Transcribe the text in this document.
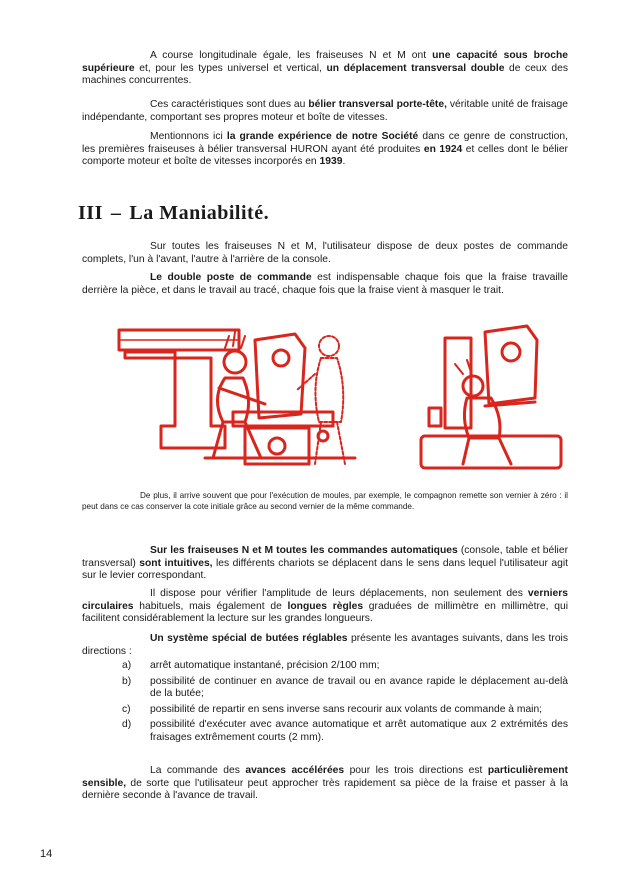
A course longitudinale égale, les fraiseuses N et M ont une capacité sous broche supérieure et, pour les types universel et vertical, un déplacement transversal double de ceux des machines concurrentes.

Ces caractéristiques sont dues au bélier transversal porte-tête, véritable unité de fraisage indépendante, comportant ses propres moteur et boîte de vitesses.

Mentionnons ici la grande expérience de notre Société dans ce genre de construction, les premières fraiseuses à bélier transversal HURON ayant été produites en 1924 et celles dont le bélier comporte moteur et boîte de vitesses incorporés en 1939.

III – La Maniabilité.

Sur toutes les fraiseuses N et M, l'utilisateur dispose de deux postes de commande complets, l'un à l'avant, l'autre à l'arrière de la console.

Le double poste de commande est indispensable chaque fois que la fraise travaille derrière la pièce, et dans le travail au tracé, chaque fois que la fraise vient à masquer le trait.

De plus, il arrive souvent que pour l'exécution de moules, par exemple, le compagnon remette son vernier à zéro : il peut dans ce cas conserver la cote initiale grâce au second vernier de la même commande.

Sur les fraiseuses N et M toutes les commandes automatiques (console, table et bélier transversal) sont intuitives, les différents chariots se déplacent dans le sens dans lequel l'utilisateur agit sur le levier correspondant.

Il dispose pour vérifier l'amplitude de leurs déplacements, non seulement des verniers circulaires habituels, mais également de longues règles graduées de millimètre en millimètre, qui facilitent considérablement la lecture sur les grandes longueurs.

Un système spécial de butées réglables présente les avantages suivants, dans les trois directions :

a) arrêt automatique instantané, précision 2/100 mm;
b) possibilité de continuer en avance de travail ou en avance rapide le déplacement au-delà de la butée;
c) possibilité de repartir en sens inverse sans recourir aux volants de commande à main;
d) possibilité d'exécuter avec avance automatique et arrêt automatique aux 2 extrémités des fraisages extrêmement courts (2 mm).

La commande des avances accélérées pour les trois directions est particulièrement sensible, de sorte que l'utilisateur peut approcher très rapidement sa pièce de la fraise et passer à la dernière seconde à l'avance de travail.

14
